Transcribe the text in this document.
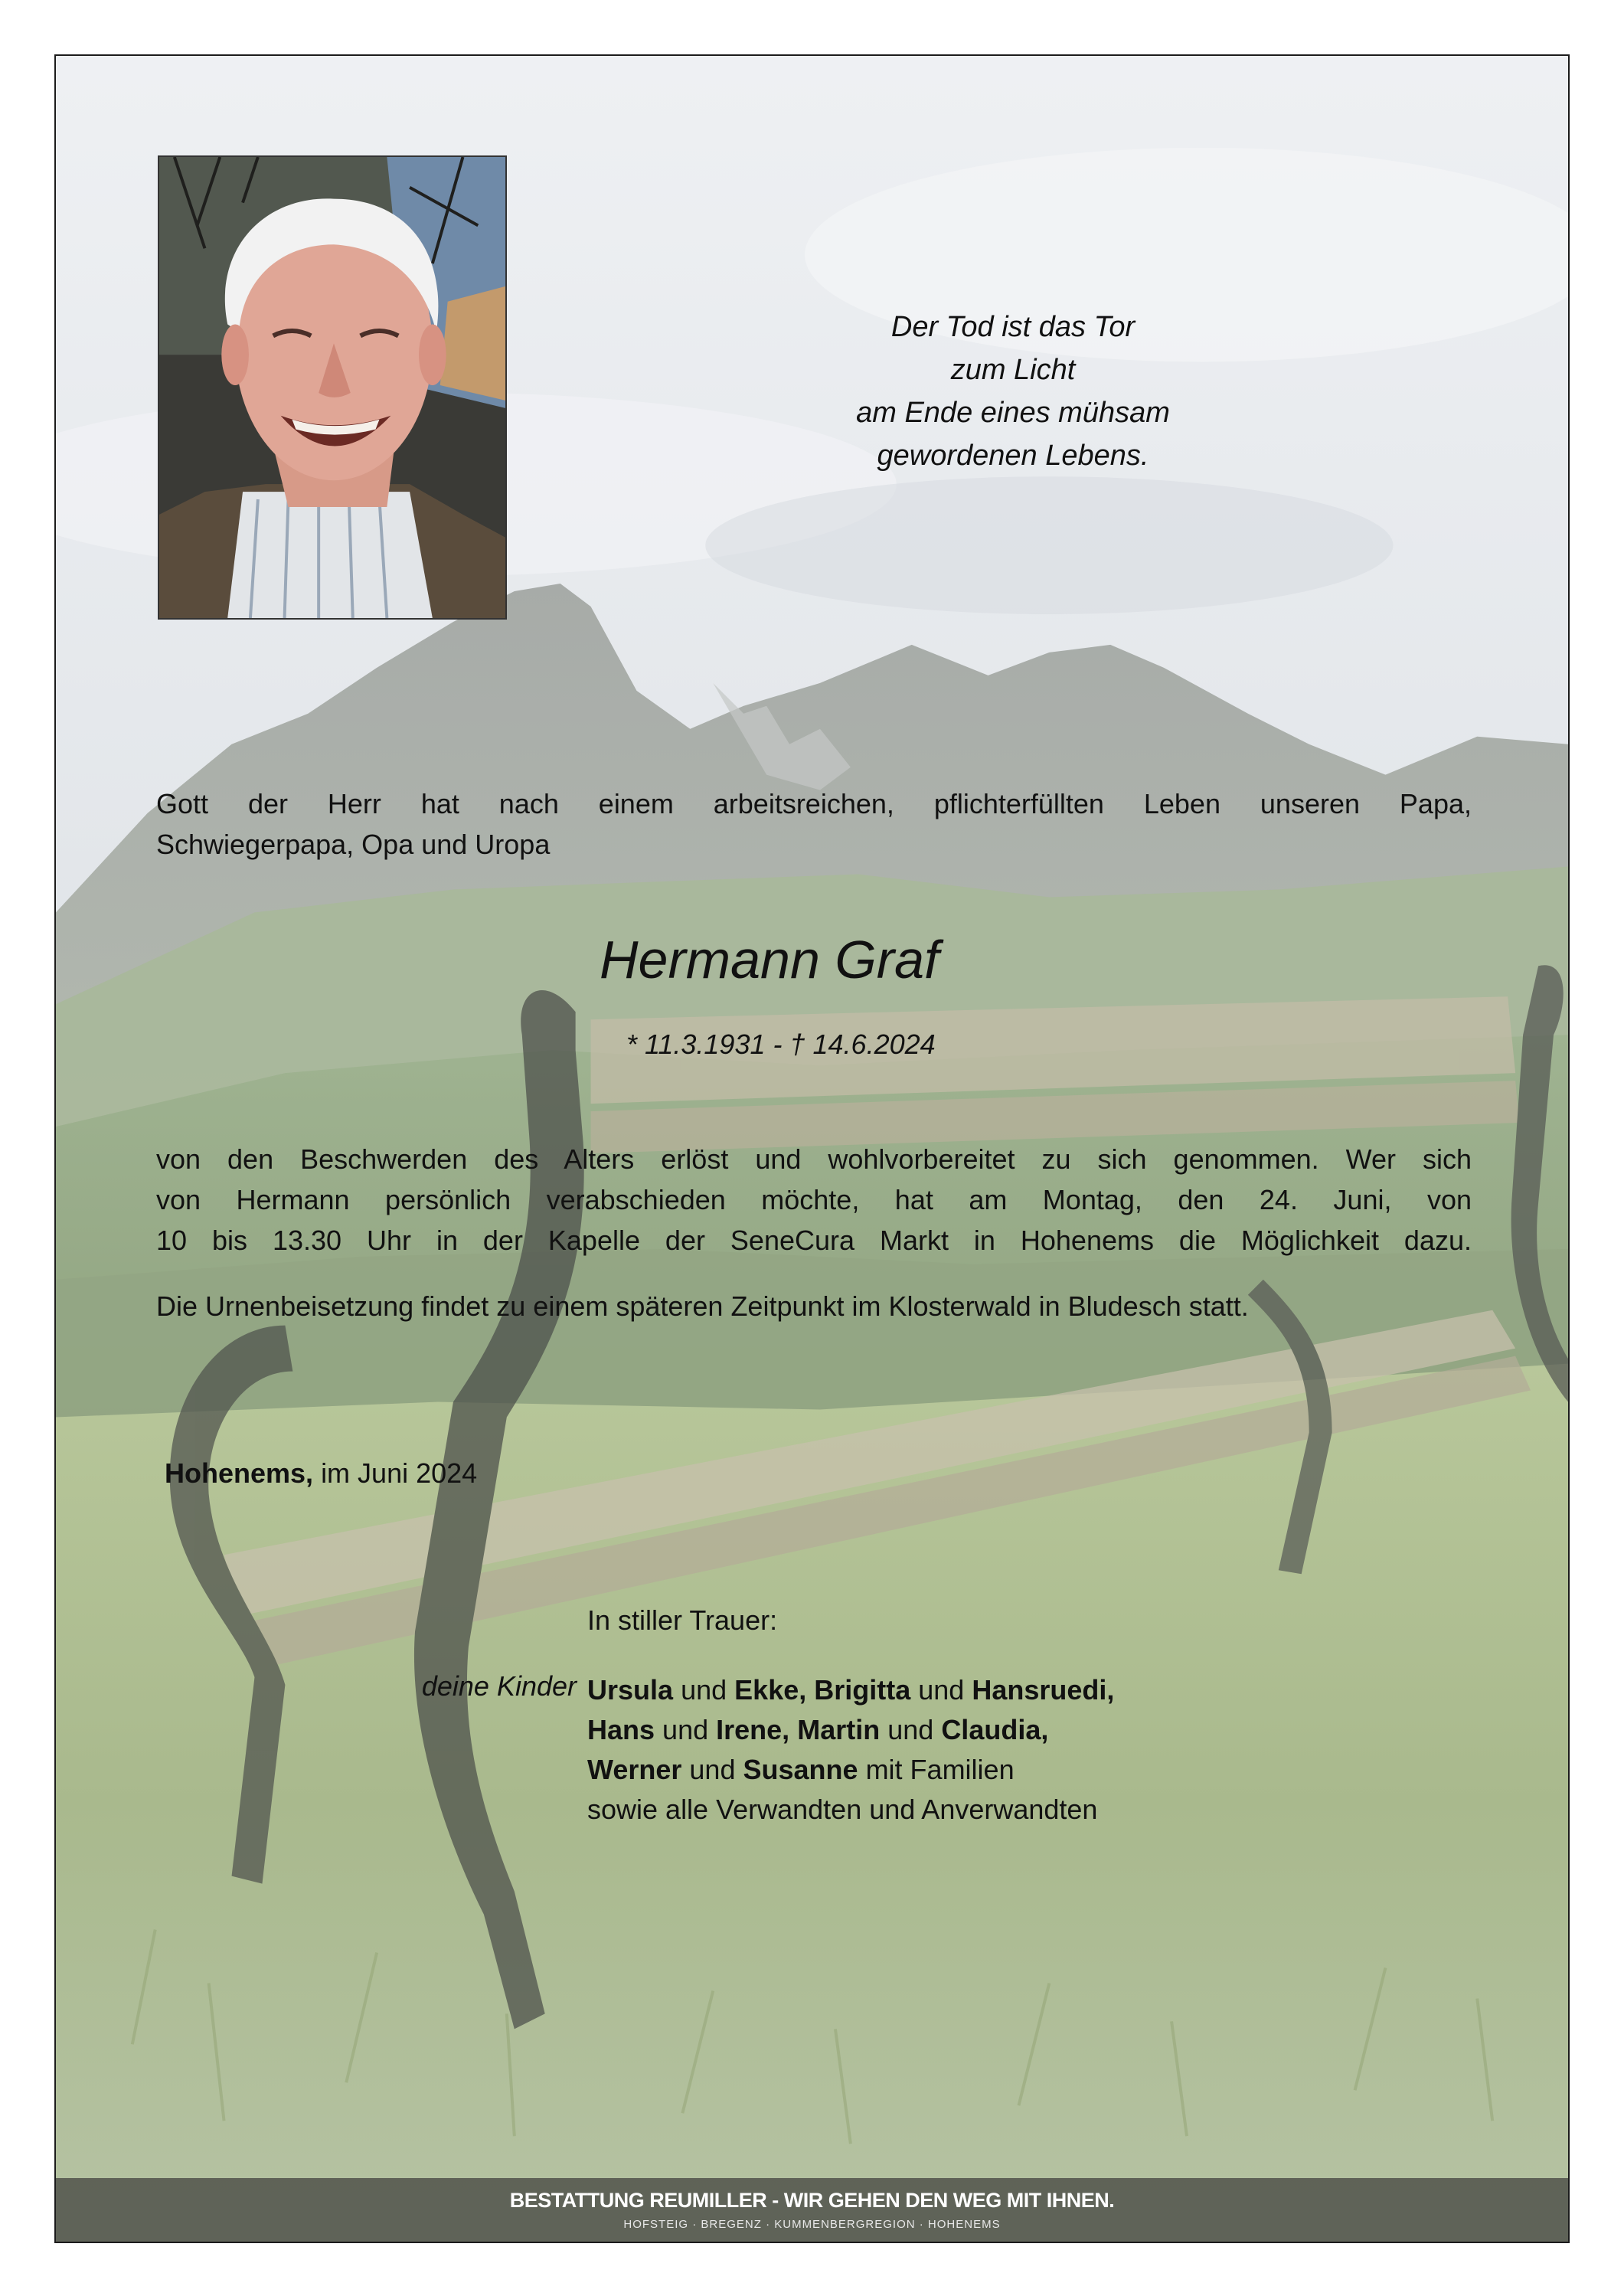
Der Tod ist das Tor
zum Licht
am Ende eines mühsam
gewordenen Lebens.
Gott der Herr hat nach einem arbeitsreichen, pflichterfüllten Leben unseren Papa,
Schwiegerpapa, Opa und Uropa
Hermann Graf
* 11.3.1931 - † 14.6.2024
von den Beschwerden des Alters erlöst und wohlvorbereitet zu sich genommen. Wer sich
von Hermann persönlich verabschieden möchte, hat am Montag, den 24. Juni, von
10 bis 13.30 Uhr in der Kapelle der SeneCura Markt in Hohenems die Möglichkeit dazu.
Die Urnenbeisetzung findet zu einem späteren Zeitpunkt im Klosterwald in Bludesch statt.
Hohenems, im Juni 2024
In stiller Trauer:
deine Kinder Ursula und Ekke, Brigitta und Hansruedi,
Hans und Irene, Martin und Claudia,
Werner und Susanne mit Familien
sowie alle Verwandten und Anverwandten
BESTATTUNG REUMILLER - WIR GEHEN DEN WEG MIT IHNEN.
HOFSTEIG · BREGENZ · KUMMENBERGREGION · HOHENEMS
